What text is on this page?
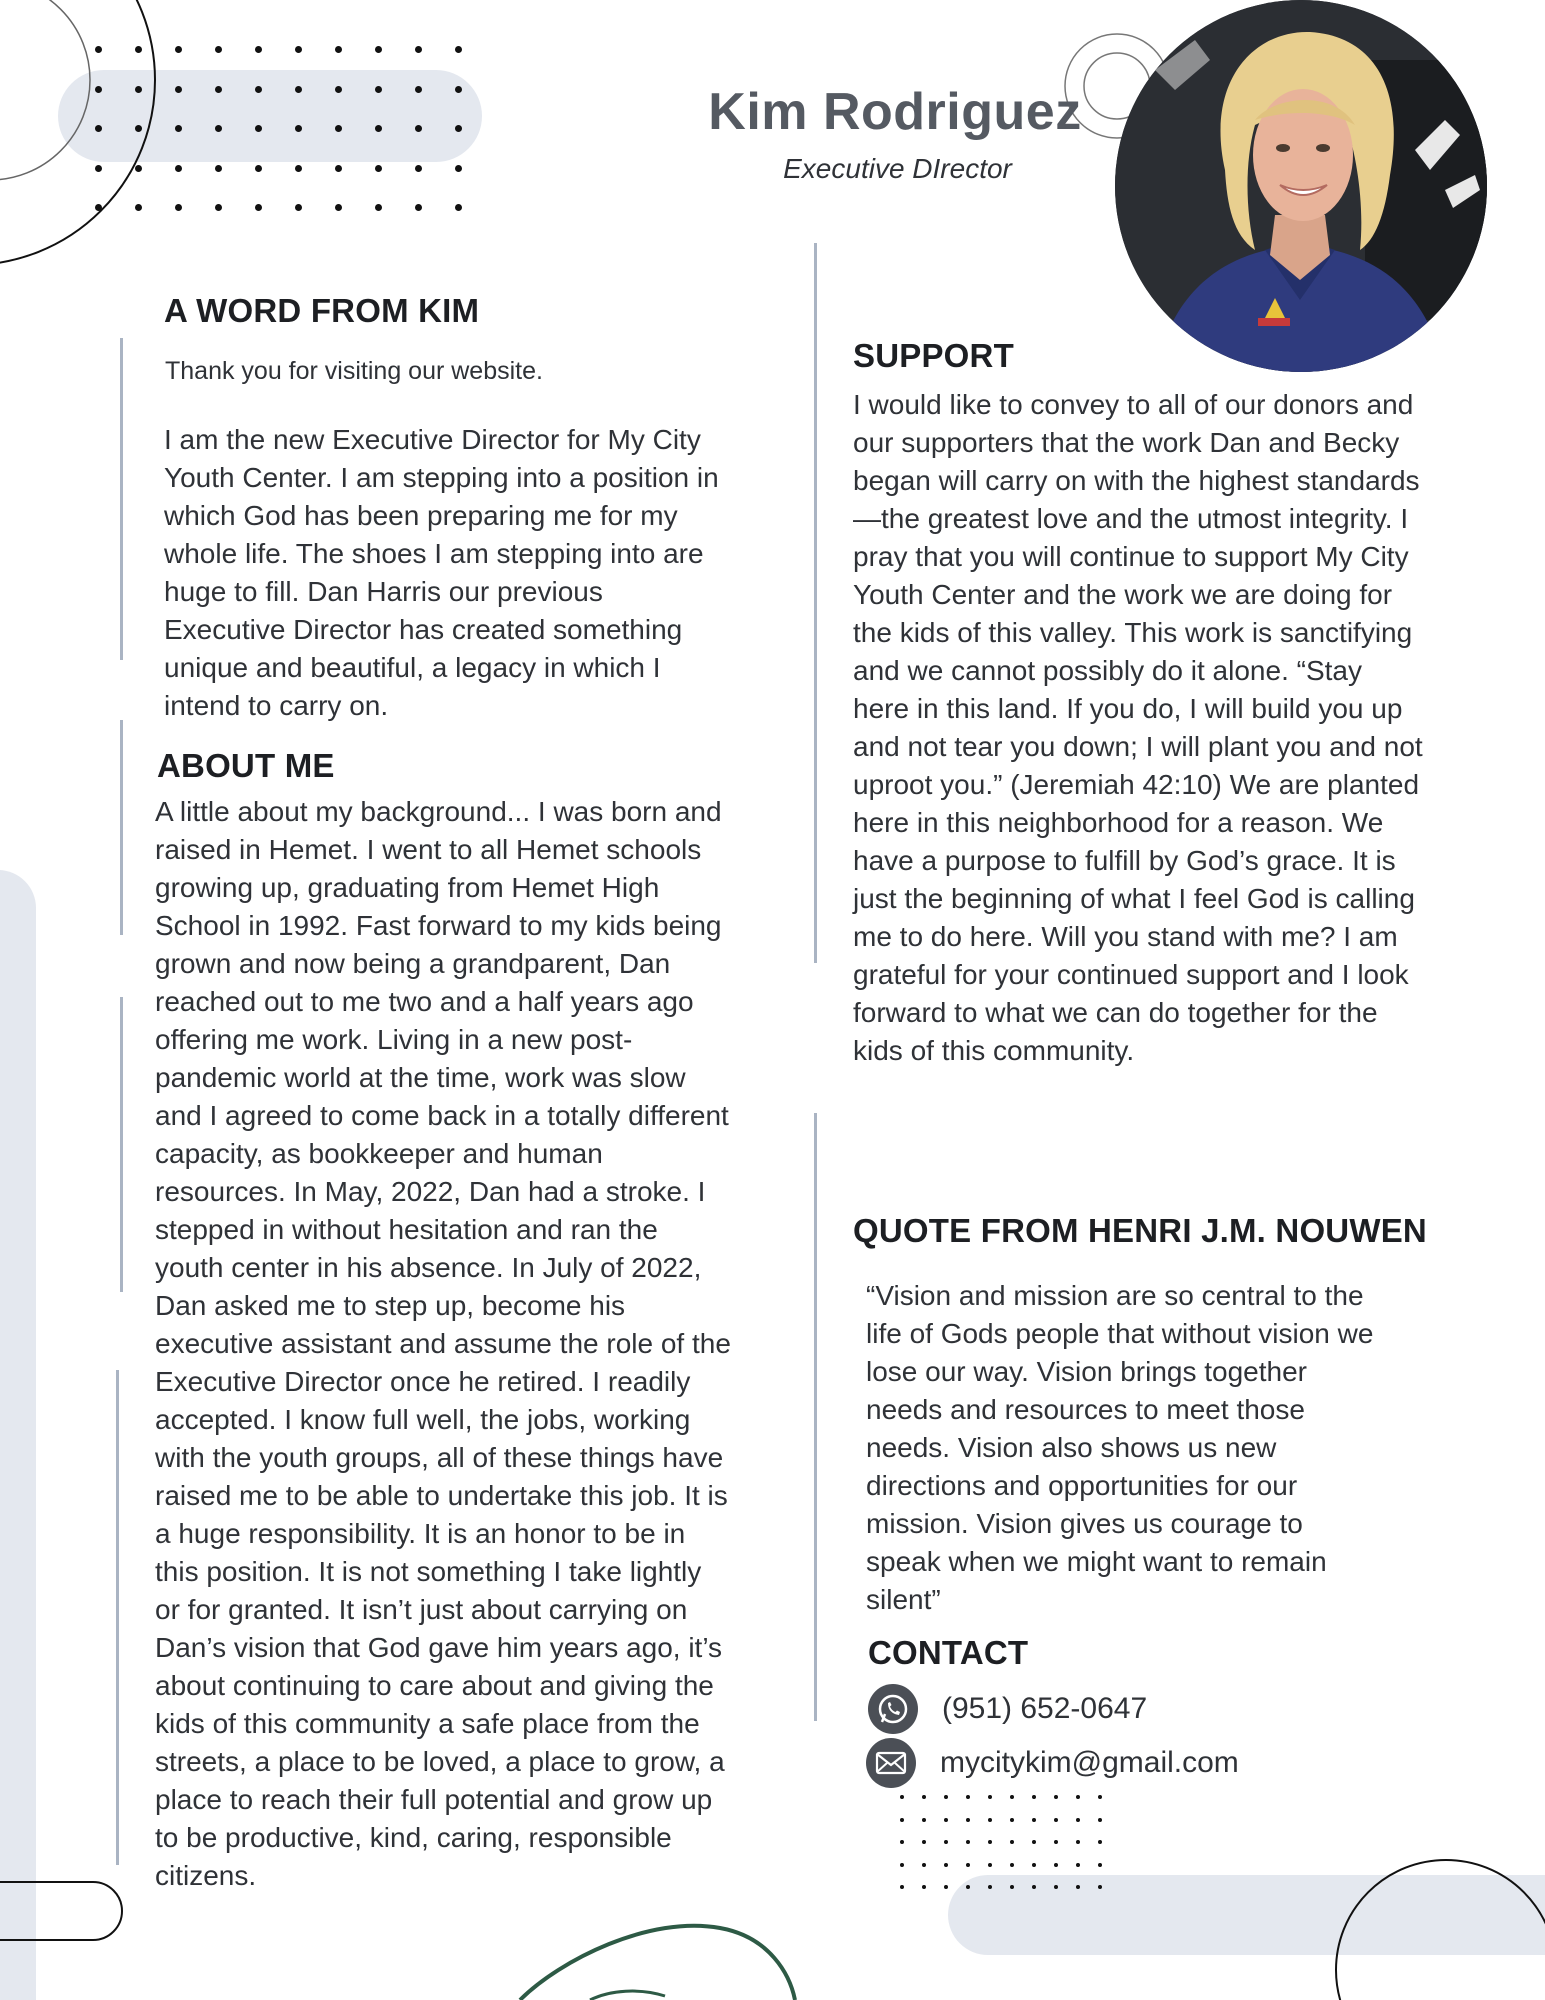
Kim Rodriguez
Executive DIrector
A WORD FROM KIM

Thank you for visiting our website.

I am the new Executive Director for My City Youth Center. I am stepping into a position in which God has been preparing me for my whole life. The shoes I am stepping into are huge to fill. Dan Harris our previous Executive Director has created something unique and beautiful, a legacy in which I intend to carry on.

ABOUT ME

A little about my background... I was born and raised in Hemet. I went to all Hemet schools growing up, graduating from Hemet High School in 1992. Fast forward to my kids being grown and now being a grandparent, Dan reached out to me two and a half years ago offering me work. Living in a new post-pandemic world at the time, work was slow and I agreed to come back in a totally different capacity, as bookkeeper and human resources. In May, 2022, Dan had a stroke. I stepped in without hesitation and ran the youth center in his absence. In July of 2022, Dan asked me to step up, become his executive assistant and assume the role of the Executive Director once he retired. I readily accepted. I know full well, the jobs, working with the youth groups, all of these things have raised me to be able to undertake this job. It is a huge responsibility. It is an honor to be in this position. It is not something I take lightly or for granted. It isn’t just about carrying on Dan’s vision that God gave him years ago, it’s about continuing to care about and giving the kids of this community a safe place from the streets, a place to be loved, a place to grow, a place to reach their full potential and grow up to be productive, kind, caring, responsible citizens.

SUPPORT

I would like to convey to all of our donors and our supporters that the work Dan and Becky began will carry on with the highest standards—the greatest love and the utmost integrity. I pray that you will continue to support My City Youth Center and the work we are doing for the kids of this valley. This work is sanctifying and we cannot possibly do it alone. “Stay here in this land. If you do, I will build you up and not tear you down; I will plant you and not uproot you.” (Jeremiah 42:10) We are planted here in this neighborhood for a reason. We have a purpose to fulfill by God’s grace. It is just the beginning of what I feel God is calling me to do here. Will you stand with me? I am grateful for your continued support and I look forward to what we can do together for the kids of this community.

QUOTE FROM HENRI J.M. NOUWEN

“Vision and mission are so central to the life of Gods people that without vision we lose our way. Vision brings together needs and resources to meet those needs. Vision also shows us new directions and opportunities for our mission. Vision gives us courage to speak when we might want to remain silent”

CONTACT
(951) 652-0647
mycitykim@gmail.com
